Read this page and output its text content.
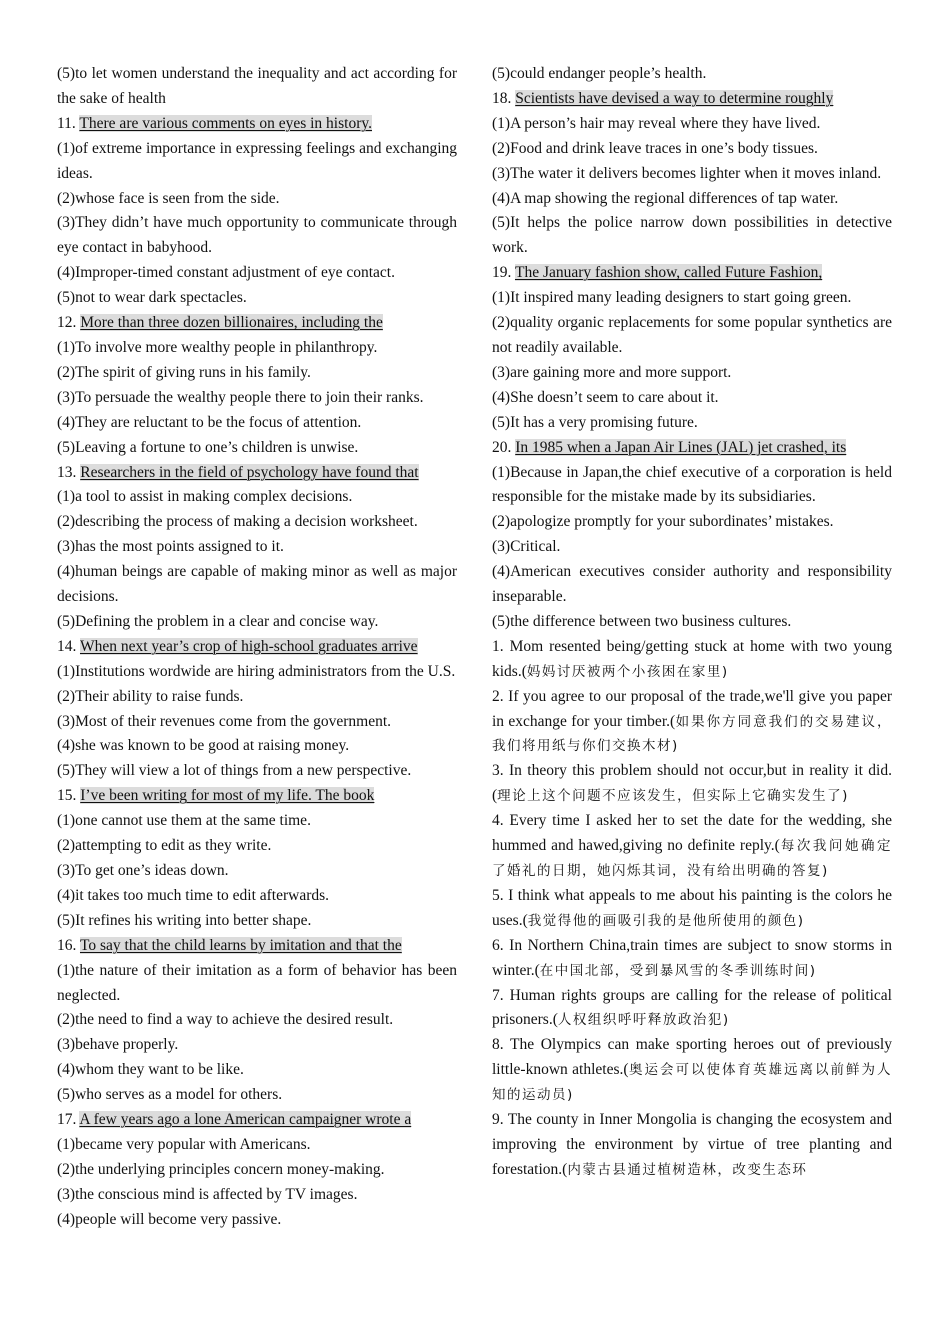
(5)to let women understand the inequality and act according for the sake of health

11. There are various comments on eyes in history.

(1)of extreme importance in expressing feelings and exchanging ideas.

(2)whose face is seen from the side.

(3)They didn’t have much opportunity to communicate through eye contact in babyhood.

(4)Improper-timed constant adjustment of eye contact.

(5)not to wear dark spectacles.

12. More than three dozen billionaires, including the

(1)To involve more wealthy people in philanthropy.

(2)The spirit of giving runs in his family.

(3)To persuade the wealthy people there to join their ranks.

(4)They are reluctant to be the focus of attention.

(5)Leaving a fortune to one’s children is unwise.

13. Researchers in the field of psychology have found that

(1)a tool to assist in making complex decisions.

(2)describing the process of making a decision worksheet.

(3)has the most points assigned to it.

(4)human beings are capable of making minor as well as major decisions.

(5)Defining the problem in a clear and concise way.

14. When next year’s crop of high-school graduates arrive

(1)Institutions wordwide are hiring administrators from the U.S.

(2)Their ability to raise funds.

(3)Most of their revenues come from the government.

(4)she was known to be good at raising money.

(5)They will view a lot of things from a new perspective.

15. I’ve been writing for most of my life. The book

(1)one cannot use them at the same time.

(2)attempting to edit as they write.

(3)To get one’s ideas down.

(4)it takes too much time to edit afterwards.

(5)It refines his writing into better shape.

16. To say that the child learns by imitation and that the

(1)the nature of their imitation as a form of behavior has been neglected.

(2)the need to find a way to achieve the desired result.

(3)behave properly.

(4)whom they want to be like.

(5)who serves as a model for others.

17. A few years ago a lone American campaigner wrote a

(1)became very popular with Americans.

(2)the underlying principles concern money-making.

(3)the conscious mind is affected by TV images.

(4)people will become very passive.

(5)could endanger people’s health.

18. Scientists have devised a way to determine roughly

(1)A person’s hair may reveal where they have lived.

(2)Food and drink leave traces in one’s body tissues.

(3)The water it delivers becomes lighter when it moves inland.

(4)A map showing the regional differences of tap water.

(5)It helps the police narrow down possibilities in detective work.

19. The January fashion show, called Future Fashion,

(1)It inspired many leading designers to start going green.

(2)quality organic replacements for some popular synthetics are not readily available.

(3)are gaining more and more support.

(4)She doesn’t seem to care about it.

(5)It has a very promising future.

20. In 1985 when a Japan Air Lines (JAL) jet crashed, its

(1)Because in Japan,the chief executive of a corporation is held responsible for the mistake made by its subsidiaries.

(2)apologize promptly for your subordinates’ mistakes.

(3)Critical.

(4)American executives consider authority and responsibility inseparable.

(5)the difference between two business cultures.

1. Mom resented being/getting stuck at home with two young kids.(妈妈讨厌被两个小孩困在家里)

2. If you agree to our proposal of the trade,we'll give you paper in exchange for your timber.(如果你方同意我们的交易建议，我们将用纸与你们交换木材)

3. In theory this problem should not occur,but in reality it did.(理论上这个问题不应该发生，但实际上它确实发生了)

4. Every time I asked her to set the date for the wedding, she hummed and hawed,giving no definite reply.(每次我问她确定了婚礼的日期，她闪烁其词，没有给出明确的答复)

5. I think what appeals to me about his painting is the colors he uses.(我觉得他的画吸引我的是他所使用的颜色)

6. In Northern China,train times are subject to snow storms in winter.(在中国北部，受到暴风雪的冬季训练时间)

7. Human rights groups are calling for the release of political prisoners.(人权组织呼吁释放政治犯)

8. The Olympics can make sporting heroes out of previously little-known athletes.(奥运会可以使体育英雄远离以前鲜为人知的运动员)

9. The county in Inner Mongolia is changing the ecosystem and improving the environment by virtue of tree planting and forestation.(内蒙古县通过植树造林，改变生态环
